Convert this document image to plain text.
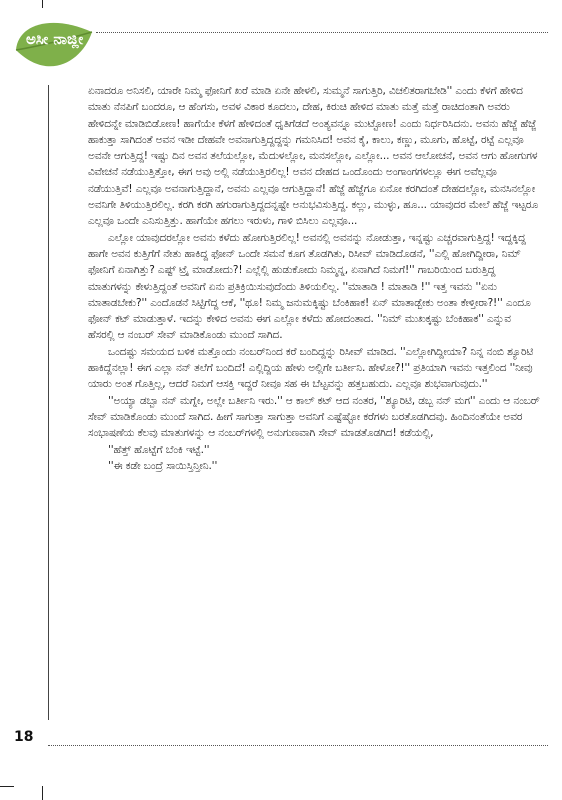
ಅಸೀ ನಾಜ್ಲೀ

ಏನಾದರೂ ಅನಿಸಲಿ, ಯಾರೇ ನಿಮ್ಮ ಫೋನಿಗೆ ಖರೆ ಮಾಡಿ ಏನೇ ಹೇಳಲಿ, ಸುಮ್ಮನೆ ಸಾಗುತ್ತಿರಿ, ವಿಚಲಿತರಾಗಬೇಡಿ'' ಎಂದು ಕೆಳಗೆ ಹೇಳಿದ ಮಾತು ನೆನಪಿಗೆ ಬಂದರೂ, ಆ ಹೆಂಗಸು, ಅವಳ ವಿಕಾರ ಕೂದಲು, ದೇಹ, ಕಿರುಚಿ ಹೇಳಿದ ಮಾತು ಮತ್ತೆ ಮತ್ತೆ ರಾಚಿದಂತಾಗಿ ಅವರು ಹೇಳಿದನ್ನೇ ಮಾಡಿಬಿಡೋಣ! ಹಾಗೆಯೇ ಕೆಳಗೆ ಹೇಳಿದಂತೆ ಧೃತಿಗೆಡದೆ ಅಂತ್ಯವನ್ನೂ ಮುಟ್ಟೋಣ! ಎಂದು ನಿರ್ಧರಿಸಿದನು. ಅವನು ಹೆಜ್ಜೆ ಹೆಜ್ಜೆ ಹಾಕುತ್ತಾ ಸಾಗಿದಂತೆ ಅವನ ಇಡೀ ದೇಹವೇ ಅವನಾಗುತ್ತಿದ್ದದ್ದನ್ನು ಗಮನಿಸಿದ! ಅವನ ಕೈ, ಕಾಲು, ಕಣ್ಣು, ಮೂಗು, ಹೊಟ್ಟೆ, ರಟ್ಟೆ ಎಲ್ಲವೂ ಅವನೇ ಆಗುತ್ತಿದ್ದ! ಇಷ್ಟು ದಿನ ಅವನ ತಲೆಯಲ್ಲೋ, ಮೆದುಳಲ್ಲೋ, ಮನಸಲ್ಲೋ, ಎಲ್ಲೋ... ಅವನ ಆಲೋಚನೆ, ಅವನ ಆಗು ಹೋಗುಗಳ ವಿವೇಚನೆ ನಡೆಯುತ್ತಿತ್ತೋ, ಈಗ ಅವು ಅಲ್ಲಿ ನಡೆಯುತ್ತಿರಲಿಲ್ಲ! ಅವನ ದೇಹದ ಒಂದೊಂದು ಅಂಗಾಂಗಗಳಲ್ಲೂ ಈಗ ಅವೆಲ್ಲವೂ ನಡೆಯುತ್ತಿವೆ! ಎಲ್ಲವೂ ಅವನಾಗುತ್ತಿದ್ದಾನೆ, ಅವನು ಎಲ್ಲವೂ ಆಗುತ್ತಿದ್ದಾನೆ! ಹೆಜ್ಜೆ ಹೆಜ್ಜೆಗೂ ಏನೋ ಕರಗಿದಂತೆ ದೇಹದಲ್ಲೋ, ಮನಸಿನಲ್ಲೋ ಅವನಿಗೇ ತಿಳಿಯುತ್ತಿರಲಿಲ್ಲ. ಕರಗಿ ಕರಗಿ ಹಗುರಾಗುತ್ತಿದ್ದದನ್ನಷ್ಟೇ ಅನುಭವಿಸುತ್ತಿದ್ದ. ಕಲ್ಲು, ಮುಳ್ಳು, ಹೂ... ಯಾವುದರ ಮೇಲೆ ಹೆಜ್ಜೆ ಇಟ್ಟರೂ ಎಲ್ಲವೂ ಒಂದೇ ಎನಿಸುತ್ತಿತ್ತು. ಹಾಗೆಯೇ ಹಗಲು ಇರುಳು, ಗಾಳಿ ಬಿಸಿಲು ಎಲ್ಲವೂ...

ಎಲ್ಲೋ ಯಾವುದರಲ್ಲೋ ಅವನು ಕಳೆದು ಹೋಗುತ್ತಿರಲಿಲ್ಲ! ಅವನಲ್ಲಿ ಅವನನ್ನು ನೋಡುತ್ತಾ, ಇನ್ನಷ್ಟು ಎಚ್ಚರವಾಗುತ್ತಿದ್ದ! ಇದ್ದಕ್ಕಿದ್ದ ಹಾಗೇ ಅವನ ಕುತ್ತಿಗೆಗೆ ನೇತು ಹಾಕಿದ್ದ ಫೋನ್ ಒಂದೇ ಸಮನೆ ಕೂಗ ತೊಡಗಿತು, ರಿಸೀವ್ ಮಾಡಿದೊಡನೆ, ''ಎಲ್ಲಿ ಹೋಗಿದ್ದೀರಾ, ನಿಮ್ ಫೋನಿಗೆ ಏನಾಗಿತ್ತು? ಎಷ್ಟ್ ಟ್ರೈ ಮಾಡೋದು?! ಎಲ್ಲೆಲ್ಲಿ ಹುಡುಕೋದು ನಿಮ್ಮನ್ನ, ಏನಾಗಿದೆ ನಿಮಗೆ!'' ಗಾಬರಿಯಿಂದ ಬರುತ್ತಿದ್ದ ಮಾತುಗಳನ್ನು ಕೇಳುತ್ತಿದ್ದಂತೆ ಅವನಿಗೆ ಏನು ಪ್ರತಿಕ್ರಿಯಿಸುವುದೆಂದು ತಿಳಿಯಲಿಲ್ಲ. ''ಮಾತಾಡಿ ! ಮಾತಾಡಿ !'' ಇತ್ತ ಇವನು ''ಏನು ಮಾತಾಡಬೇಕು?'' ಎಂದೊಡನೆ ಸಿಟ್ಟಿಗೆದ್ದ ಆಕೆ, ''ಥೂ! ನಿಮ್ಮ ಜನುಮಕ್ಕಿಷ್ಟು ಬೆಂಕಿಹಾಕ! ಏನ್ ಮಾತಾಡ್ಬೇಕು ಅಂತಾ ಕೇಳ್ತೀರಾ?!'' ಎಂದೂ ಫೋನ್ ಕಟ್ ಮಾಡುತ್ತಾಳೆ. ಇದನ್ನು ಕೇಳಿದ ಅವನು ಈಗ ಎಲ್ಲೋ ಕಳೆದು ಹೋದಂತಾದ. ''ನಿಮ್ ಮುಖಕ್ಕಷ್ಟು ಬೆಂಕಿಹಾಕ'' ಎನ್ನುವ ಹೆಸರಲ್ಲಿ ಆ ನಂಬರ್ ಸೇವ್ ಮಾಡಿಕೊಂಡು ಮುಂದೆ ಸಾಗಿದ.

ಒಂದಷ್ಟು ಸಮಯದ ಬಳಿಕ ಮತ್ತೊಂದು ನಂಬರ್‌ನಿಂದ ಕರೆ ಬಂದಿದ್ದನ್ನು ರಿಸೀವ್ ಮಾಡಿದ. ''ಎಲ್ಲೋಗಿದ್ದೀಯಾ? ನಿನ್ನ ನಂಬಿ ಶ್ಯೂರಿಟಿ ಹಾಕಿದ್ದೆನಲ್ಲಾ! ಈಗ ಎಲ್ಲಾ ನನ್ ತಲೆಗೆ ಬಂದಿದೆ! ಎಲ್ಲಿದ್ದಿಯ ಹೇಳು ಅಲ್ಲಿಗೇ ಬರ್ತೀನಿ. ಹೇಳೋ?!'' ಪ್ರತಿಯಾಗಿ ಇವನು ಇತ್ತಲಿಂದ ''ನೀವು ಯಾರು ಅಂತ ಗೊತ್ತಿಲ್ಲ, ಆದರೆ ನಿಮಗೆ ಆಸಕ್ತಿ ಇದ್ದರೆ ನೀವೂ ಸಹ ಈ ಬೆಟ್ಟವನ್ನು ಹತ್ತಬಹುದು. ಎಲ್ಲವೂ ಶುಭವಾಗುವುದು.''

''ಅಯ್ಯಾ ಡಬ್ಬಾ ನನ್ ಮಗ್ನೇ, ಅಲ್ಲೇ ಬರ್ತೀನಿ ಇರು.'' ಆ ಕಾಲ್ ಕಟ್ ಆದ ನಂತರ, ''ಶ್ಯೂರಿಟಿ, ಡಬ್ಬ ನನ್ ಮಗ'' ಎಂದು ಆ ನಂಬರ್ ಸೇವ್ ಮಾಡಿಕೊಂಡು ಮುಂದೆ ಸಾಗಿದ. ಹೀಗೆ ಸಾಗುತ್ತಾ ಸಾಗುತ್ತಾ ಅವನಿಗೆ ಎಷ್ಟೆಷ್ಟೋ ಕರೆಗಳು ಬರತೊಡಗಿದವು. ಹಿಂದಿನಂತೆಯೇ ಅವರ ಸಂಭಾಷಣೆಯ ಕೆಲವು ಮಾತುಗಳನ್ನು ಆ ನಂಬರ್‌ಗಳಲ್ಲಿ ಅನುಗುಣವಾಗಿ ಸೇವ್ ಮಾಡತೊಡಗಿದ! ಕಡೆಯಲ್ಲಿ,

''ಹೆತ್ತ್ ಹೊಟ್ಟೆಗೆ ಬೆಂಕಿ ಇಟ್ಟೆ.''

''ಈ ಕಡೇ ಬಂದ್ರೆ ಸಾಯಿಸ್ತಿನ್ತೀನಿ.''

18
